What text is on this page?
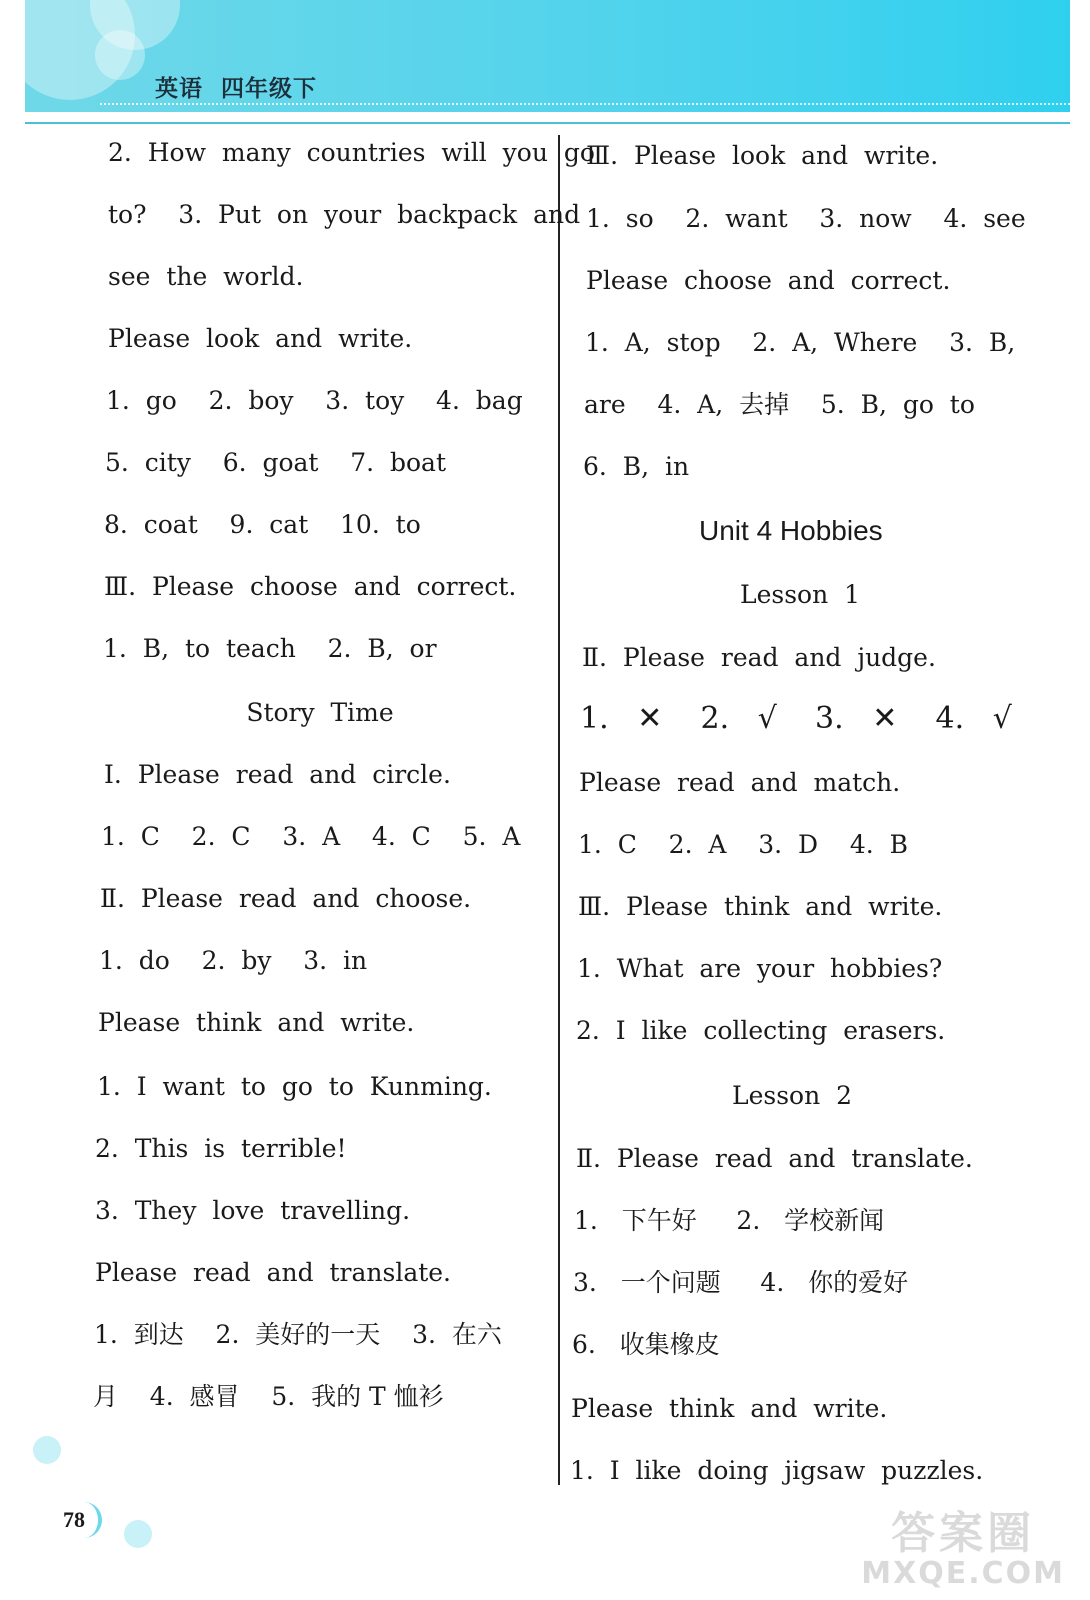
英语  四年级下
2.  How  many  countries  will  you  go
to?    3.  Put  on  your  backpack  and
see  the  world.
Please  look  and  write.
1.  go    2.  boy    3.  toy    4.  bag
5.  city    6.  goat    7.  boat
8.  coat    9.  cat    10.  to
Ⅲ.  Please  choose  and  correct.
1.  B,  to  teach    2.  B,  or
Story  Time
Ⅰ.  Please  read  and  circle.
1.  C    2.  C    3.  A    4.  C    5.  A
Ⅱ.  Please  read  and  choose.
1.  do    2.  by    3.  in
Please  think  and  write.
1.  I  want  to  go  to  Kunming.
2.  This  is  terrible!
3.  They  love  travelling.
Please  read  and  translate.
1.  到达    2.  美好的一天    3.  在六
月    4.  感冒    5.  我的 T 恤衫
Ⅲ.  Please  look  and  write.
1.  so    2.  want    3.  now    4.  see
Please  choose  and  correct.
1.  A,  stop    2.  A,  Where    3.  B,
are    4.  A,  去掉    5.  B,  go  to
6.  B,  in
Unit 4 Hobbies
Lesson  1
Ⅱ.  Please  read  and  judge.
1.   ✕    2.   √    3.   ✕    4.   √
Please  read  and  match.
1.  C    2.  A    3.  D    4.  B
Ⅲ.  Please  think  and  write.
1.  What  are  your  hobbies?
2.  I  like  collecting  erasers.
Lesson  2
Ⅱ.  Please  read  and  translate.
1.   下午好     2.   学校新闻
3.   一个问题     4.   你的爱好
6.   收集橡皮
Please  think  and  write.
1.  I  like  doing  jigsaw  puzzles.
78	答案圈
MXQE.COM
